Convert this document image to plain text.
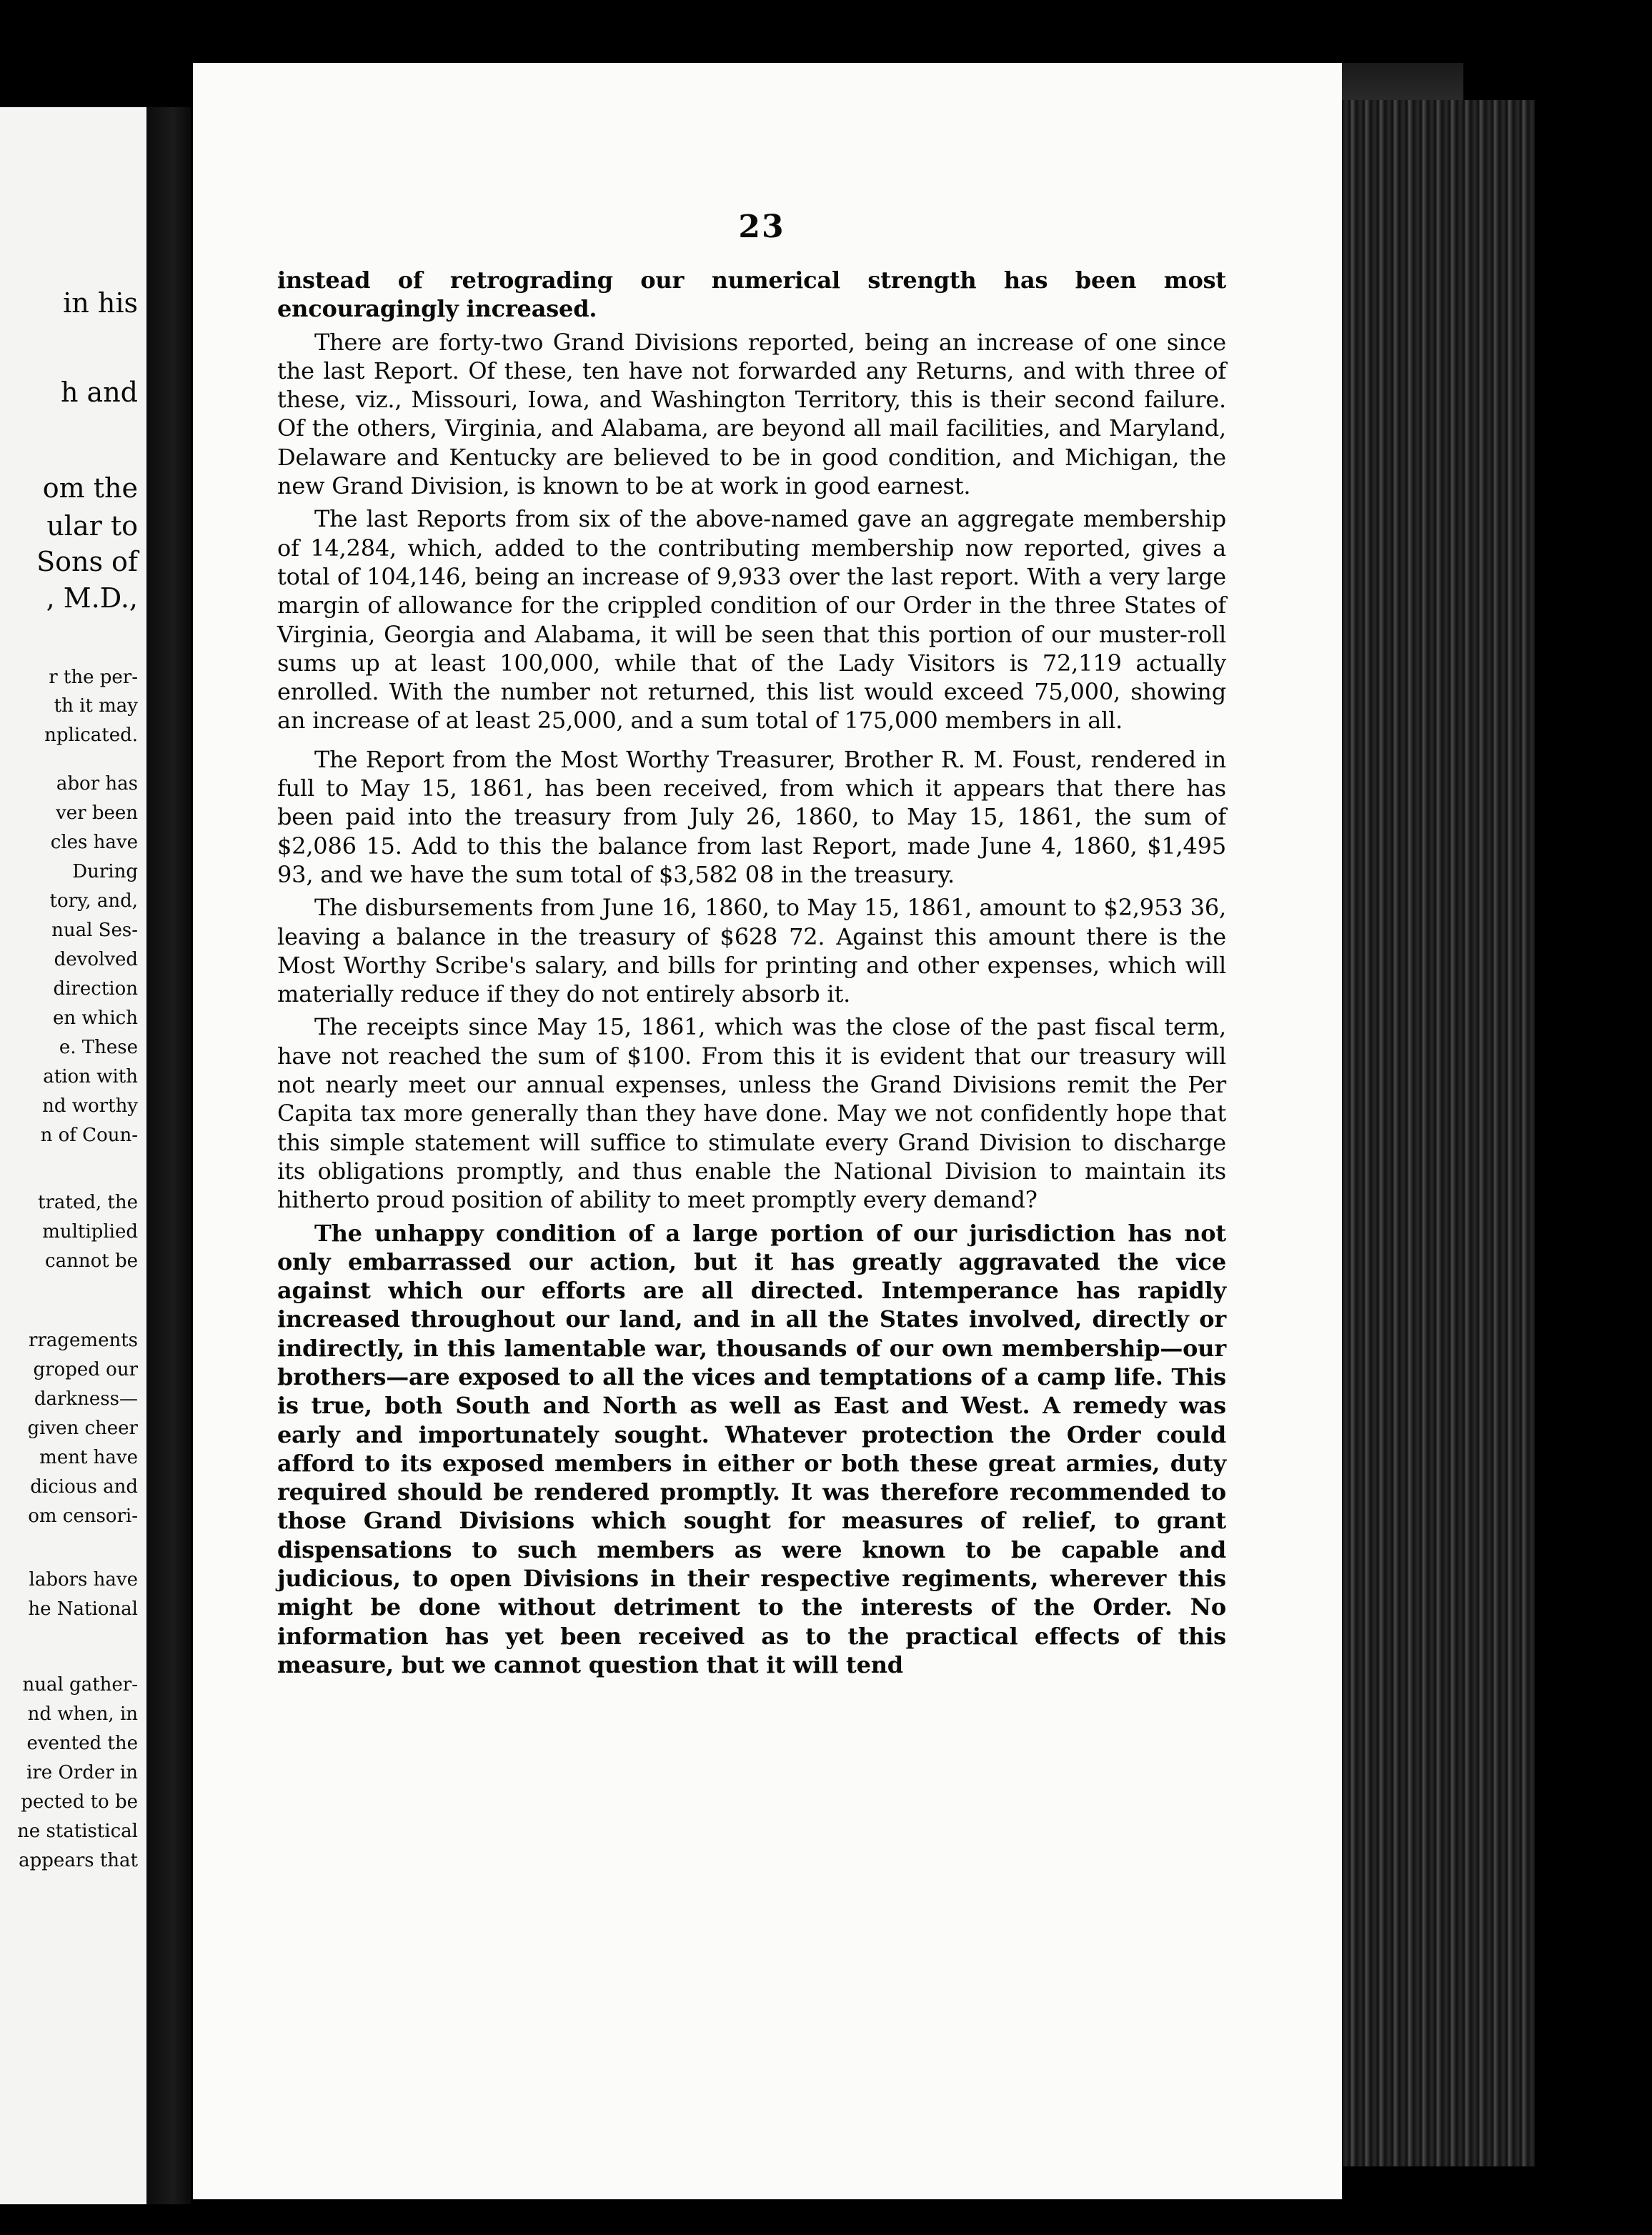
in his
h and
om the
ular to
Sons of
, M.D.,
r the per-
th it may
nplicated.
abor has
ver been
cles have
During
tory, and,
nual Ses-
devolved
direction
en which
e. These
ation with
nd worthy
n of Coun-
trated, the
multiplied
cannot be
rragements
groped our
darkness—
given cheer
ment have
dicious and
om censori-
labors have
he National
nual gather-
nd when, in
evented the
ire Order in
pected to be
ne statistical
appears that
23

instead of retrograding our numerical strength has been most encouragingly increased.

There are forty-two Grand Divisions reported, being an increase of one since the last Report. Of these, ten have not forwarded any Returns, and with three of these, viz., Missouri, Iowa, and Washington Territory, this is their second failure. Of the others, Virginia, and Alabama, are beyond all mail facilities, and Maryland, Delaware and Kentucky are believed to be in good condition, and Michigan, the new Grand Division, is known to be at work in good earnest.

The last Reports from six of the above-named gave an aggregate membership of 14,284, which, added to the contributing membership now reported, gives a total of 104,146, being an increase of 9,933 over the last report. With a very large margin of allowance for the crippled condition of our Order in the three States of Virginia, Georgia and Alabama, it will be seen that this portion of our muster-roll sums up at least 100,000, while that of the Lady Visitors is 72,119 actually enrolled. With the number not returned, this list would exceed 75,000, showing an increase of at least 25,000, and a sum total of 175,000 members in all.

The Report from the Most Worthy Treasurer, Brother R. M. Foust, rendered in full to May 15, 1861, has been received, from which it appears that there has been paid into the treasury from July 26, 1860, to May 15, 1861, the sum of $2,086 15. Add to this the balance from last Report, made June 4, 1860, $1,495 93, and we have the sum total of $3,582 08 in the treasury.

The disbursements from June 16, 1860, to May 15, 1861, amount to $2,953 36, leaving a balance in the treasury of $628 72. Against this amount there is the Most Worthy Scribe's salary, and bills for printing and other expenses, which will materially reduce if they do not entirely absorb it.

The receipts since May 15, 1861, which was the close of the past fiscal term, have not reached the sum of $100. From this it is evident that our treasury will not nearly meet our annual expenses, unless the Grand Divisions remit the Per Capita tax more generally than they have done. May we not confidently hope that this simple statement will suffice to stimulate every Grand Division to discharge its obligations promptly, and thus enable the National Division to maintain its hitherto proud position of ability to meet promptly every demand?

The unhappy condition of a large portion of our jurisdiction has not only embarrassed our action, but it has greatly aggravated the vice against which our efforts are all directed. Intemperance has rapidly increased throughout our land, and in all the States involved, directly or indirectly, in this lamentable war, thousands of our own membership—our brothers—are exposed to all the vices and temptations of a camp life. This is true, both South and North as well as East and West. A remedy was early and importunately sought. Whatever protection the Order could afford to its exposed members in either or both these great armies, duty required should be rendered promptly. It was therefore recommended to those Grand Divisions which sought for measures of relief, to grant dispensations to such members as were known to be capable and judicious, to open Divisions in their respective regiments, wherever this might be done without detriment to the interests of the Order. No information has yet been received as to the practical effects of this measure, but we cannot question that it will tend
